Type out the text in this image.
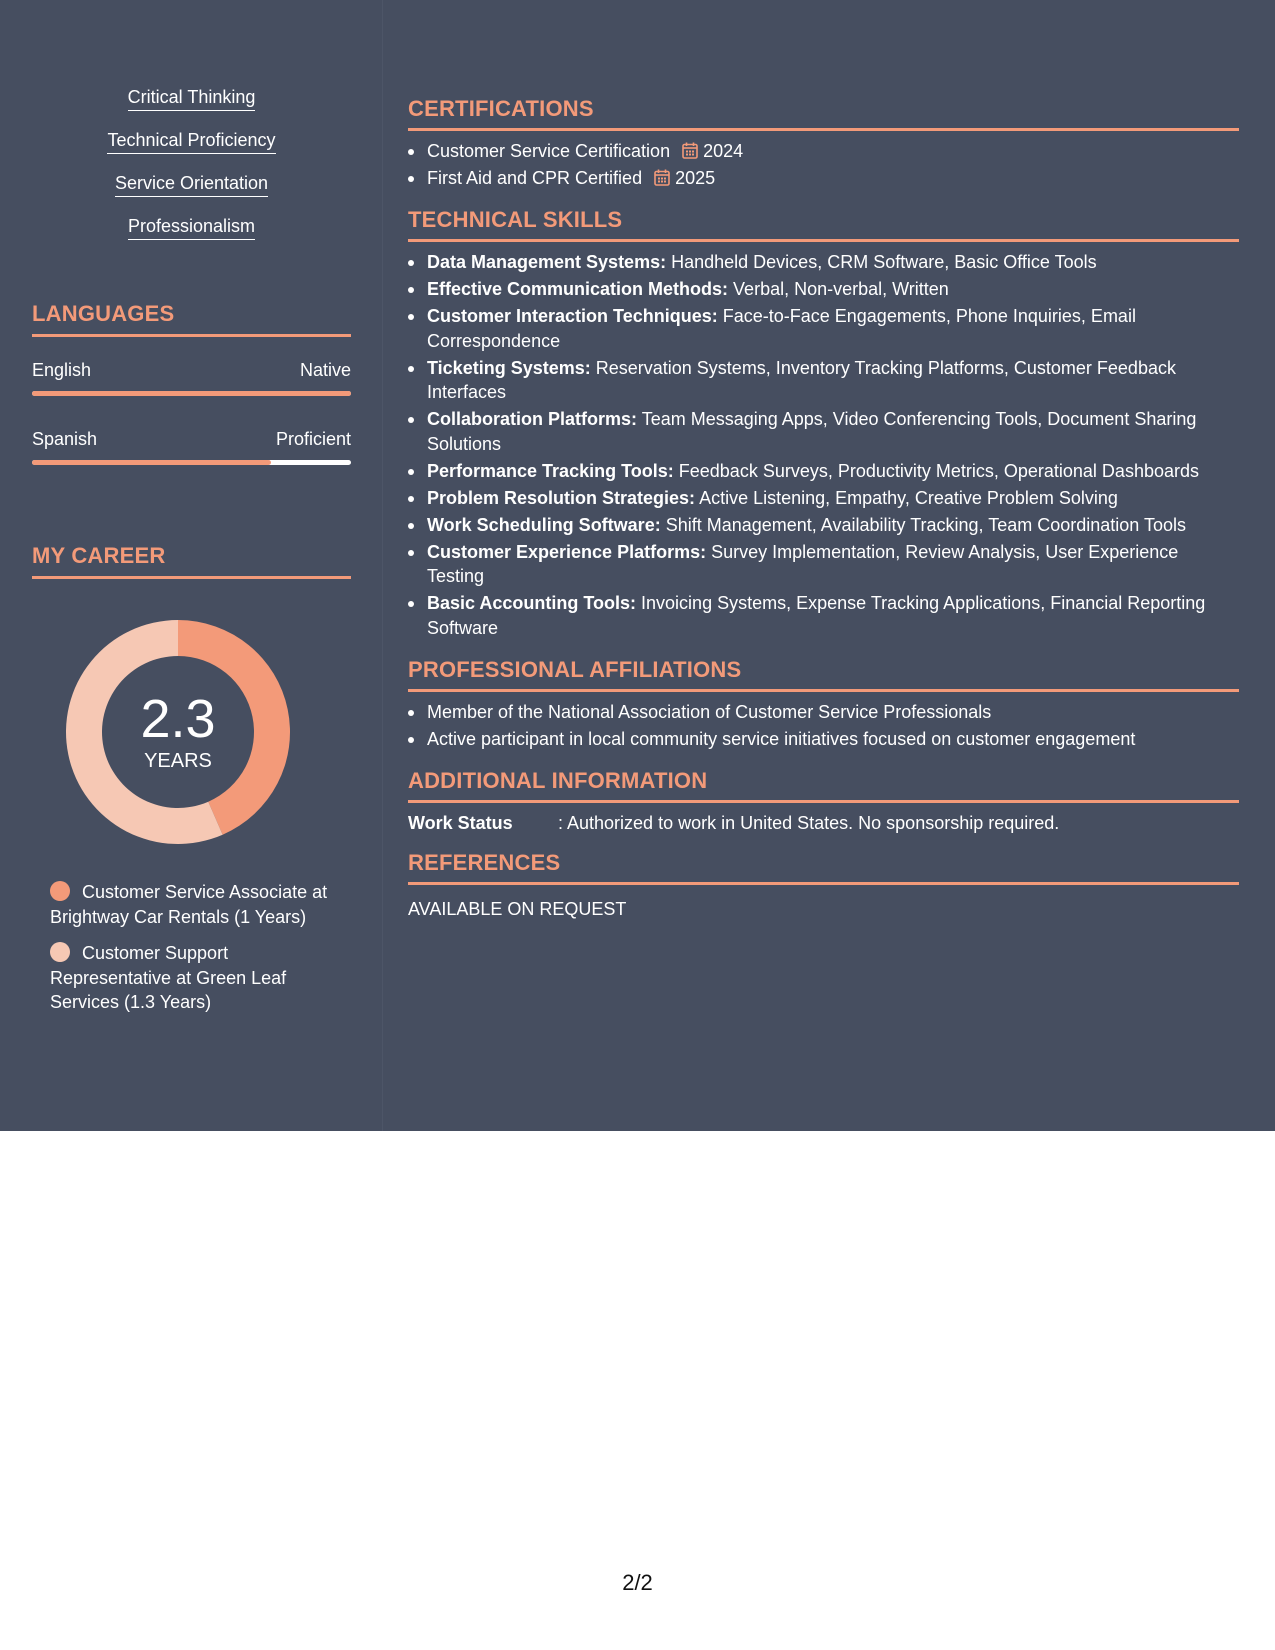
Critical Thinking
Technical Proficiency
Service Orientation
Professionalism
LANGUAGES
English	Native
Spanish	Proficient
MY CAREER
2.3
YEARS
Customer Service Associate at Brightway Car Rentals (1 Years)
Customer Support Representative at Green Leaf Services (1.3 Years)
CERTIFICATIONS
Customer Service Certification 2024
First Aid and CPR Certified 2025
TECHNICAL SKILLS
Data Management Systems: Handheld Devices, CRM Software, Basic Office Tools
Effective Communication Methods: Verbal, Non-verbal, Written
Customer Interaction Techniques: Face-to-Face Engagements, Phone Inquiries, Email Correspondence
Ticketing Systems: Reservation Systems, Inventory Tracking Platforms, Customer Feedback Interfaces
Collaboration Platforms: Team Messaging Apps, Video Conferencing Tools, Document Sharing Solutions
Performance Tracking Tools: Feedback Surveys, Productivity Metrics, Operational Dashboards
Problem Resolution Strategies: Active Listening, Empathy, Creative Problem Solving
Work Scheduling Software: Shift Management, Availability Tracking, Team Coordination Tools
Customer Experience Platforms: Survey Implementation, Review Analysis, User Experience Testing
Basic Accounting Tools: Invoicing Systems, Expense Tracking Applications, Financial Reporting Software
PROFESSIONAL AFFILIATIONS
Member of the National Association of Customer Service Professionals
Active participant in local community service initiatives focused on customer engagement
ADDITIONAL INFORMATION
Work Status	: Authorized to work in United States. No sponsorship required.
REFERENCES
AVAILABLE ON REQUEST
2/2
